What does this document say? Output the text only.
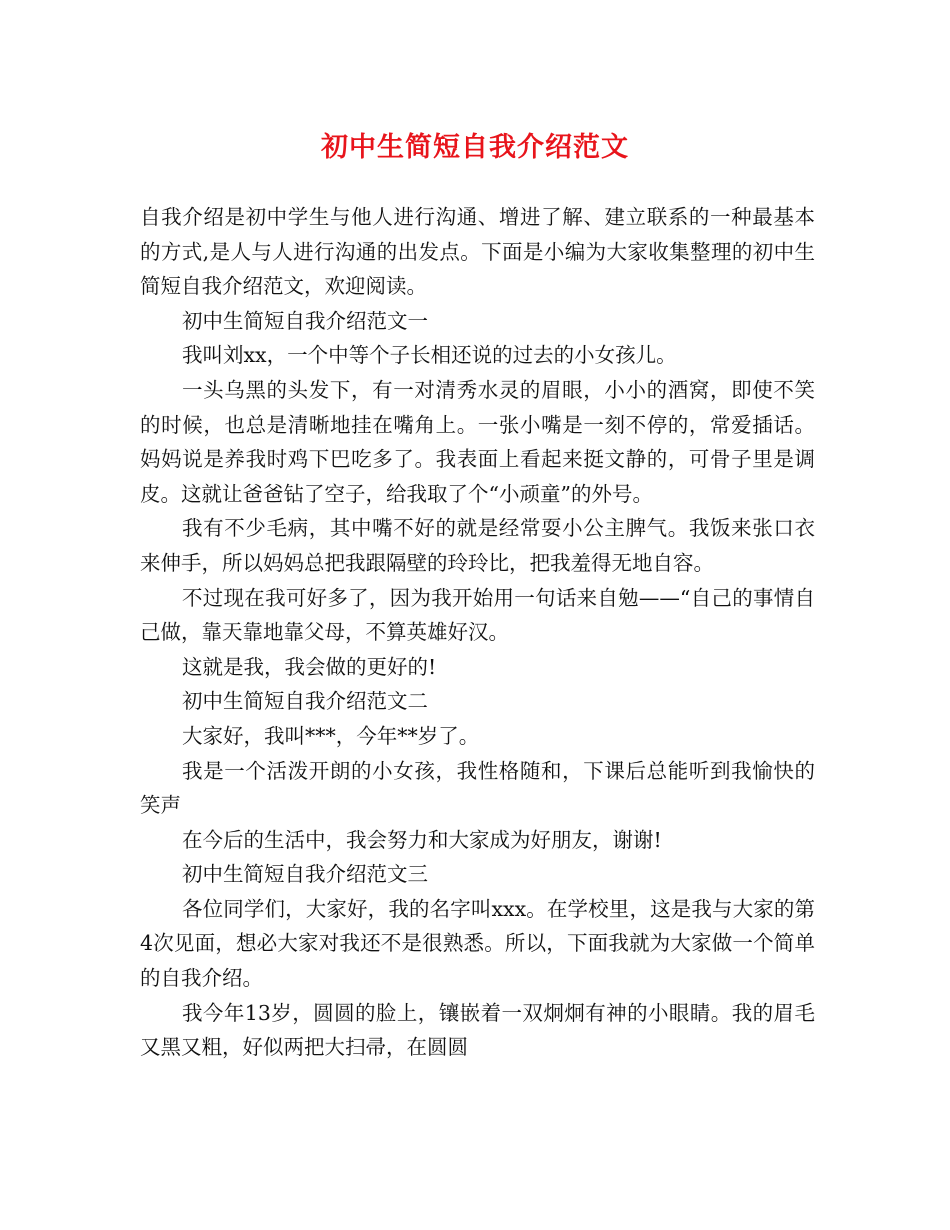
初中生简短自我介绍范文

自我介绍是初中学生与他人进行沟通、增进了解、建立联系的一种最基本的方式,是人与人进行沟通的出发点。下面是小编为大家收集整理的初中生简短自我介绍范文，欢迎阅读。

初中生简短自我介绍范文一

我叫刘xx，一个中等个子长相还说的过去的小女孩儿。

一头乌黑的头发下，有一对清秀水灵的眉眼，小小的酒窝，即使不笑的时候，也总是清晰地挂在嘴角上。一张小嘴是一刻不停的，常爱插话。妈妈说是养我时鸡下巴吃多了。我表面上看起来挺文静的，可骨子里是调皮。这就让爸爸钻了空子，给我取了个“小顽童”的外号。

我有不少毛病，其中嘴不好的就是经常耍小公主脾气。我饭来张口衣来伸手，所以妈妈总把我跟隔壁的玲玲比，把我羞得无地自容。

不过现在我可好多了，因为我开始用一句话来自勉——“自己的事情自己做，靠天靠地靠父母，不算英雄好汉。

这就是我，我会做的更好的!

初中生简短自我介绍范文二

大家好，我叫***，今年**岁了。

我是一个活泼开朗的小女孩，我性格随和，下课后总能听到我愉快的笑声

在今后的生活中，我会努力和大家成为好朋友，谢谢!

初中生简短自我介绍范文三

各位同学们，大家好，我的名字叫xxx。在学校里，这是我与大家的第4次见面，想必大家对我还不是很熟悉。所以，下面我就为大家做一个简单的自我介绍。

我今年13岁，圆圆的脸上，镶嵌着一双炯炯有神的小眼睛。我的眉毛又黑又粗，好似两把大扫帚，在圆圆
